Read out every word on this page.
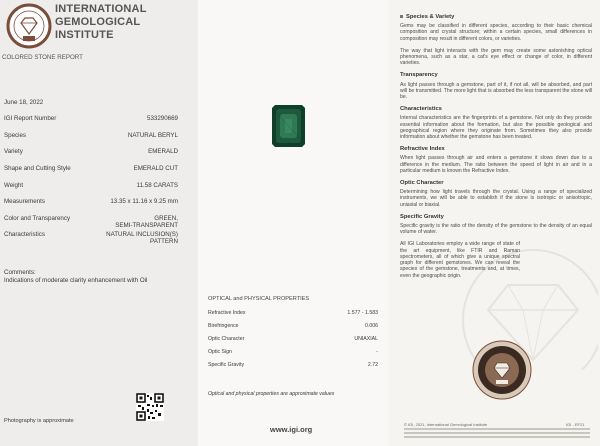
INTERNATIONAL
GEMOLOGICAL
INSTITUTE
COLORED STONE REPORT
June 18, 2022
IGI Report Number	533290669
Species	NATURAL BERYL
Variety	EMERALD
Shape and Cutting Style	EMERALD CUT
Weight	11.58 CARATS
Measurements	13.35 x 11.16 x 9.25 mm
Color and Transparency	GREEN,
SEMI-TRANSPARENT
Characteristics	NATURAL INCLUSION(S)
PATTERN
Comments:
Indications of moderate clarity enhancement with Oil
Photography is approximate
OPTICAL and PHYSICAL PROPERTIES
Refractive Index	1.577 - 1.583
Birefringence	0.006
Optic Character	UNIAXIAL
Optic Sign	-
Specific Gravity	2.72
Optical and physical properties are approximate values
www.igi.org
Species & Variety

Gems may be classified in different species, according to their basic chemical composition and crystal structure; within a certain species, small differences in composition may result in different colors, or varieties.

The way that light interacts with the gem may create some astonishing optical phenomena, such as a star, a cat's eye effect or change of color, in different varieties.

Transparency

As light passes through a gemstone, part of it, if not all, will be absorbed, and part will be transmitted. The more light that is absorbed the less transparent the stone will be.

Characteristics

Internal characteristics are the fingerprints of a gemstone. Not only do they provide essential information about the formation, but also the possible geological and geographical region where they originate from. Sometimes they also provide information about whether the gemstone has been treated.

Refractive Index

When light passes through air and enters a gemstone it slows down due to a difference in the medium. The ratio between the speed of light in air and in a particular medium is known the Refractive Index.

Optic Character

Determining how light travels through the crystal. Using a range of specialized instruments, we will be able to establish if the stone is isotropic or anisotropic, uniaxial or biaxial.

Specific Gravity

Specific gravity is the ratio of the density of the gemstone to the density of an equal volume of water.

All IGI Laboratories employ a wide range of state of the art equipment, like FTIR and Raman spectrometers, all of which give a unique spectral graph for different gemstones. We can reveal the species of the gemstone, treatments and, at times, even the geographic origin.

© IGI, 2021, International Gemological Institute	IGI - EF21
